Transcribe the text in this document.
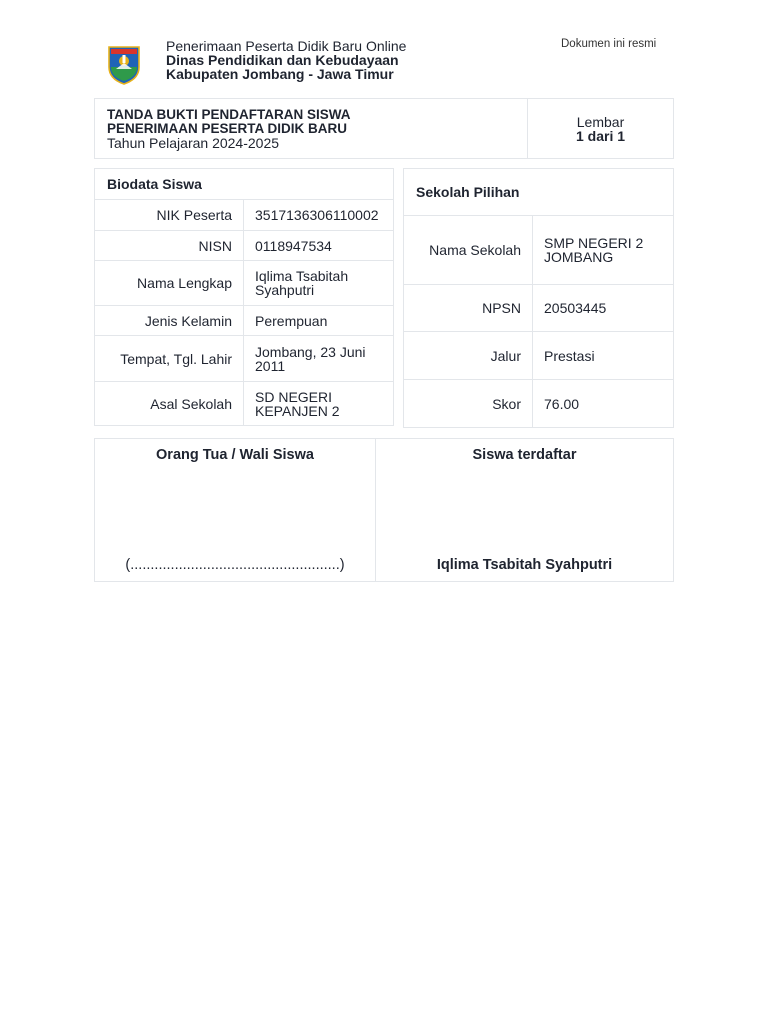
Penerimaan Peserta Didik Baru Online
Dinas Pendidikan dan Kebudayaan
Kabupaten Jombang - Jawa Timur
Dokumen ini resmi
TANDA BUKTI PENDAFTARAN SISWA
PENERIMAAN PESERTA DIDIK BARU
Tahun Pelajaran 2024-2025

Lembar
1 dari 1
Biodata Siswa	
NIK Peserta	3517136306110002
NISN	0118947534
Nama Lengkap	Iqlima Tsabitah Syahputri
Jenis Kelamin	Perempuan
Tempat, Tgl. Lahir	Jombang, 23 Juni 2011
Asal Sekolah	SD NEGERI KEPANJEN 2
Sekolah Pilihan	
Nama Sekolah	SMP NEGERI 2 JOMBANG
NPSN	20503445
Jalur	Prestasi
Skor	76.00
Orang Tua / Wali Siswa
(....................................................)

Siswa terdaftar
Iqlima Tsabitah Syahputri
